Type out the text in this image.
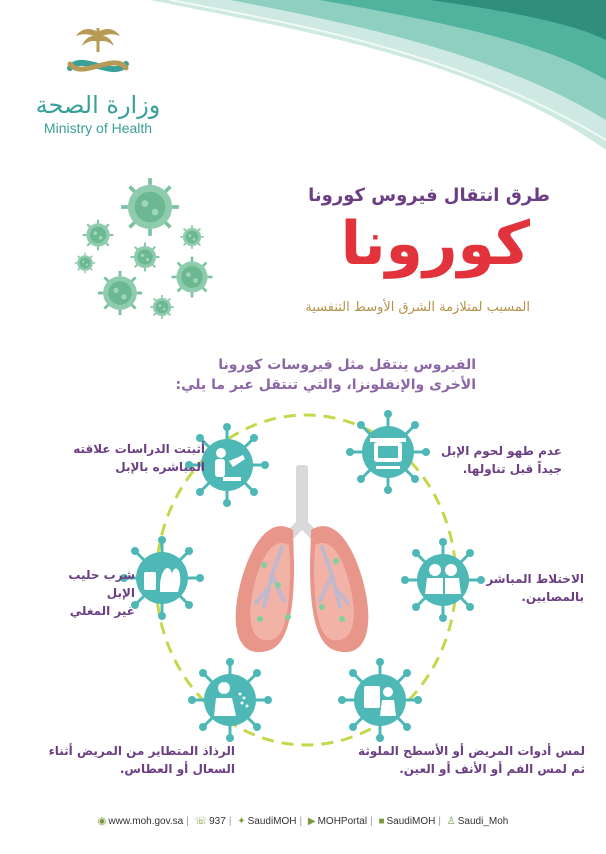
وزارة الصحة
Ministry of Health
طرق انتقال فيروس كورونا
كورونا
المسبب لمتلازمة الشرق الأوسط التنفسية
الفيروس ينتقل مثل فيروسات كورونا
الأخرى والإنفلونزا، والتي تنتقل عبر ما يلي:
أثبتت الدراسات علاقته
المباشره بالإبل
شرب حليب الإبل
غير المغلي
الرذاذ المتطاير من المريض أثناء
السعال أو العطاس.
عدم طهو لحوم الإبل
جيداً قبل تناولها.
الاختلاط المباشر
بالمصابين.
لمس أدوات المريض أو الأسطح الملوثة
ثم لمس الفم أو الأنف أو العين.
◉ www.moh.gov.sa | ☏ 937 | ✦ SaudiMOH | ▶ MOHPortal | ■ SaudiMOH | ♙ Saudi_Moh
